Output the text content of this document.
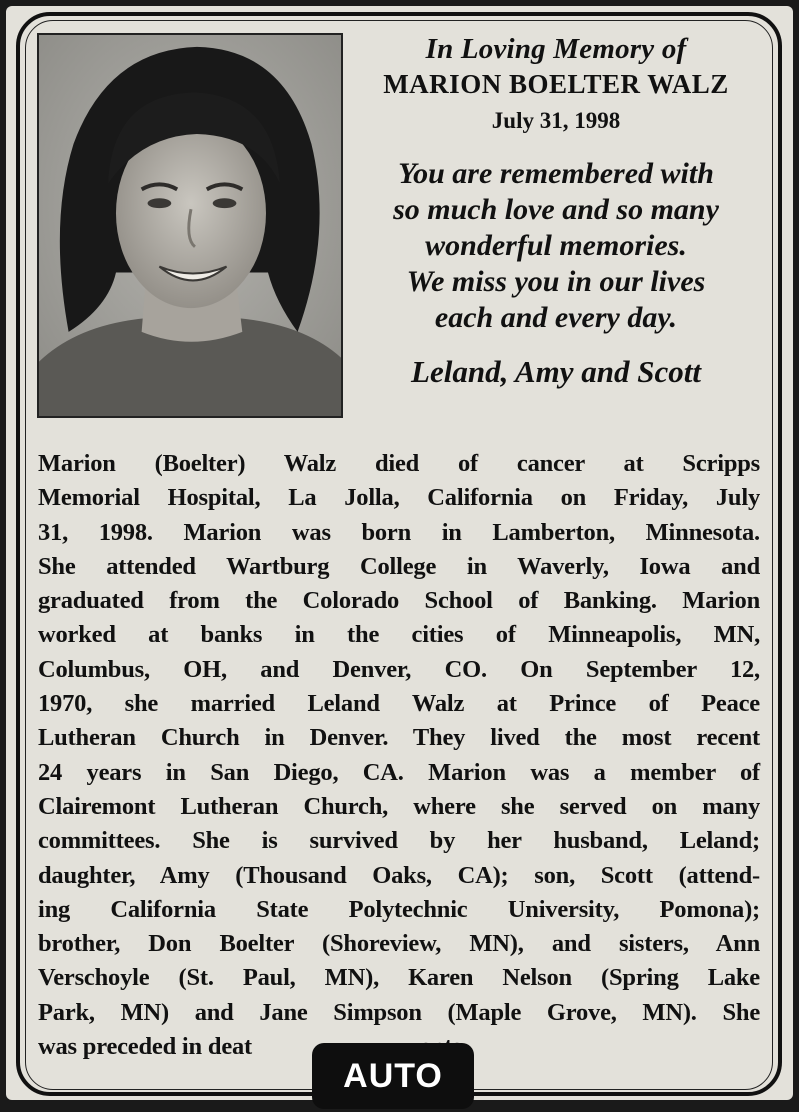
In Loving Memory of
MARION BOELTER WALZ
July 31, 1998
You are remembered with
so much love and so many
wonderful memories.
We miss you in our lives
each and every day.
Leland, Amy and Scott
Marion (Boelter) Walz died of cancer at Scripps
Memorial Hospital, La Jolla, California on Friday, July
31, 1998. Marion was born in Lamberton, Minnesota.
She attended Wartburg College in Waverly, Iowa and
graduated from the Colorado School of Banking. Marion
worked at banks in the cities of Minneapolis, MN,
Columbus, OH, and Denver, CO. On September 12,
1970, she married Leland Walz at Prince of Peace
Lutheran Church in Denver. They lived the most recent
24 years in San Diego, CA. Marion was a member of
Clairemont Lutheran Church, where she served on many
committees. She is survived by her husband, Leland;
daughter, Amy (Thousand Oaks, CA); son, Scott (attend-
ing California State Polytechnic University, Pomona);
brother, Don Boelter (Shoreview, MN), and sisters, Ann
Verschoyle (St. Paul, MN), Karen Nelson (Spring Lake
Park, MN) and Jane Simpson (Maple Grove, MN). She
was preceded in deat
AUTO
